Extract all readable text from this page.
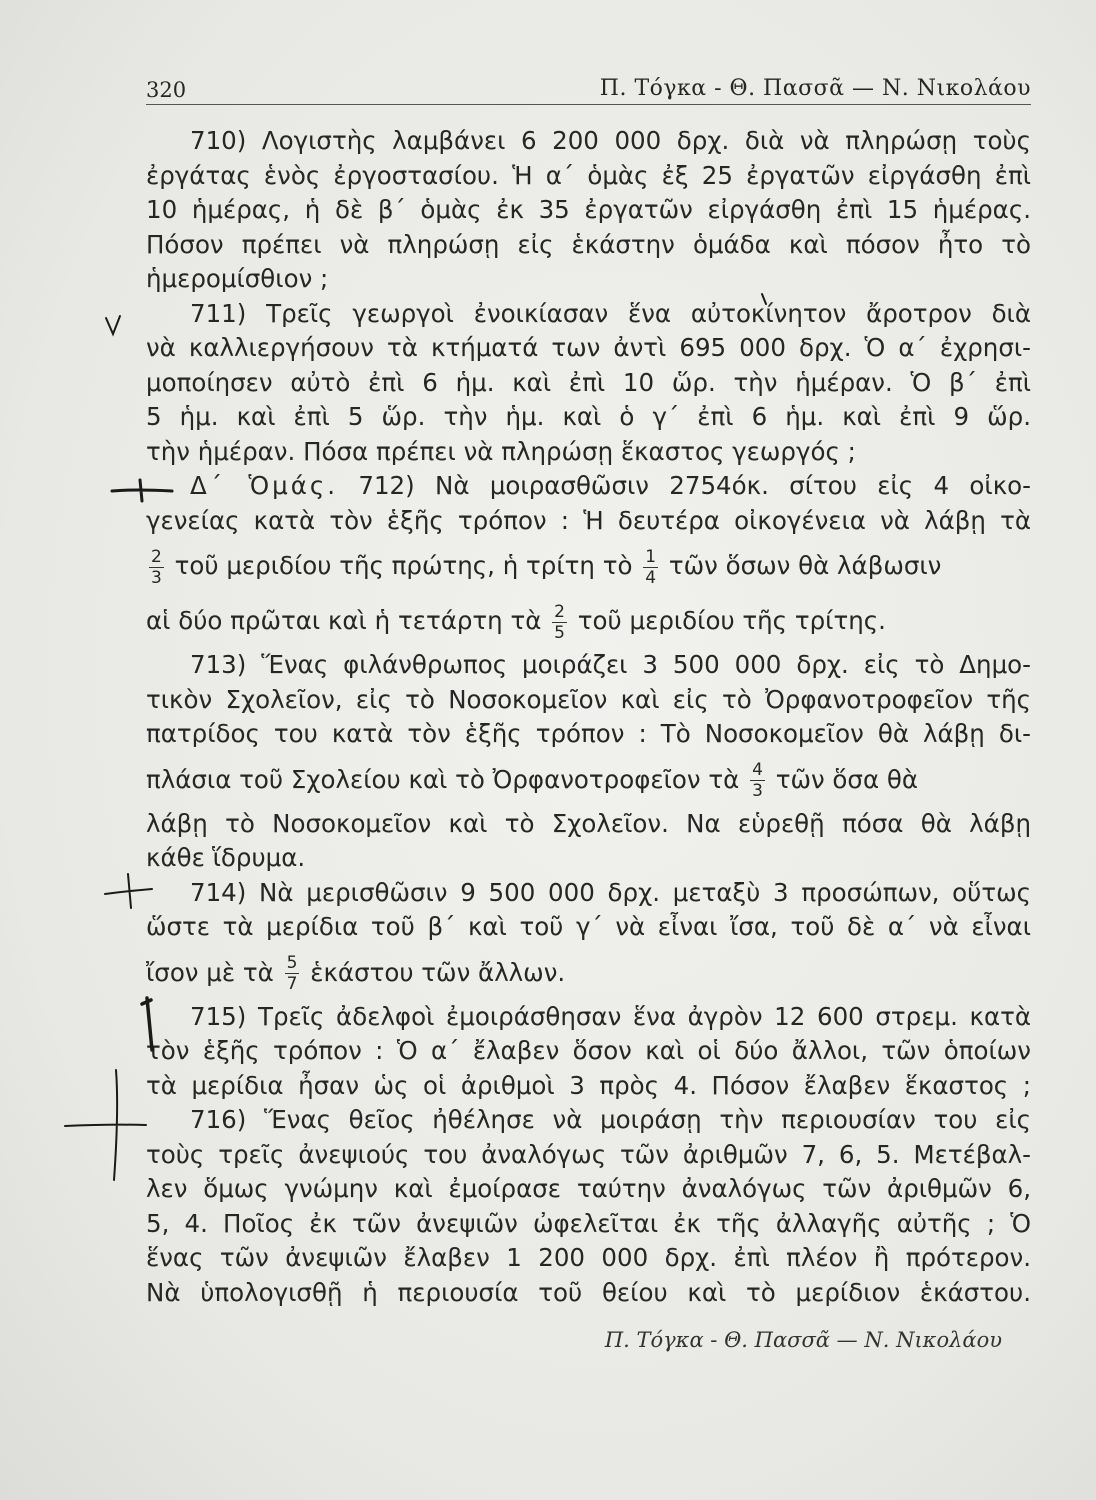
320	Π. Τόγκα - Θ. Πασσᾶ — Ν. Νικολάου
710) Λογιστὴς λαμβάνει 6 200 000 δρχ. διὰ νὰ πληρώσῃ τοὺς
ἐργάτας ἑνὸς ἐργοστασίου. Ἡ α΄ ὁμὰς ἐξ 25 ἐργατῶν εἰργάσθη ἐπὶ
10 ἡμέρας, ἡ δὲ β΄ ὁμὰς ἐκ 35 ἐργατῶν εἰργάσθη ἐπὶ 15 ἡμέρας.
Πόσον πρέπει νὰ πληρώσῃ εἰς ἑκάστην ὁμάδα καὶ πόσον ἦτο τὸ
ἡμερομίσθιον ;
711) Τρεῖς γεωργοὶ ἐνοικίασαν ἕνα αὐτοκίνητον ἄροτρον διὰ
νὰ καλλιεργήσουν τὰ κτήματά των ἀντὶ 695 000 δρχ. Ὁ α΄ ἐχρησι-
μοποίησεν αὐτὸ ἐπὶ 6 ἡμ. καὶ ἐπὶ 10 ὥρ. τὴν ἡμέραν. Ὁ β΄ ἐπὶ
5 ἡμ. καὶ ἐπὶ 5 ὥρ. τὴν ἡμ. καὶ ὁ γ΄ ἐπὶ 6 ἡμ. καὶ ἐπὶ 9 ὥρ.
τὴν ἡμέραν. Πόσα πρέπει νὰ πληρώσῃ ἕκαστος γεωργός ;
Δ΄ Ὁμάς. 712) Νὰ μοιρασθῶσιν 2754όκ. σίτου εἰς 4 οἰκο-
γενείας κατὰ τὸν ἑξῆς τρόπον : Ἡ δευτέρα οἰκογένεια νὰ λάβῃ τὰ
$\frac{2}{3}$ τοῦ μεριδίου τῆς πρώτης, ἡ τρίτη τὸ $\frac{1}{4}$ τῶν ὅσων θὰ λάβωσιν
αἱ δύο πρῶται καὶ ἡ τετάρτη τὰ $\frac{2}{5}$ τοῦ μεριδίου τῆς τρίτης.
713) Ἕνας φιλάνθρωπος μοιράζει 3 500 000 δρχ. εἰς τὸ Δημο-
τικὸν Σχολεῖον, εἰς τὸ Νοσοκομεῖον καὶ εἰς τὸ Ὀρφανοτροφεῖον τῆς
πατρίδος του κατὰ τὸν ἑξῆς τρόπον : Τὸ Νοσοκομεῖον θὰ λάβῃ δι-
πλάσια τοῦ Σχολείου καὶ τὸ Ὀρφανοτροφεῖον τὰ $\frac{4}{3}$ τῶν ὅσα θὰ
λάβῃ τὸ Νοσοκομεῖον καὶ τὸ Σχολεῖον. Να εὑρεθῇ πόσα θὰ λάβῃ
κάθε ἵδρυμα.
714) Νὰ μερισθῶσιν 9 500 000 δρχ. μεταξὺ 3 προσώπων, οὕτως
ὥστε τὰ μερίδια τοῦ β΄ καὶ τοῦ γ΄ νὰ εἶναι ἴσα, τοῦ δὲ α΄ νὰ εἶναι
ἴσον μὲ τὰ $\frac{5}{7}$ ἑκάστου τῶν ἄλλων.
715) Τρεῖς ἀδελφοὶ ἐμοιράσθησαν ἕνα ἀγρὸν 12 600 στρεμ. κατὰ
τὸν ἑξῆς τρόπον : Ὁ α΄ ἔλαβεν ὅσον καὶ οἱ δύο ἄλλοι, τῶν ὁποίων
τὰ μερίδια ἦσαν ὡς οἱ ἀριθμοὶ 3 πρὸς 4. Πόσον ἔλαβεν ἕκαστος ;
716) Ἕνας θεῖος ἠθέλησε νὰ μοιράσῃ τὴν περιουσίαν του εἰς
τοὺς τρεῖς ἀνεψιούς του ἀναλόγως τῶν ἀριθμῶν 7, 6, 5. Μετέβαλ-
λεν ὅμως γνώμην καὶ ἐμοίρασε ταύτην ἀναλόγως τῶν ἀριθμῶν 6,
5, 4. Ποῖος ἐκ τῶν ἀνεψιῶν ὠφελεῖται ἐκ τῆς ἀλλαγῆς αὐτῆς ; Ὁ
ἕνας τῶν ἀνεψιῶν ἔλαβεν 1 200 000 δρχ. ἐπὶ πλέον ἢ πρότερον.
Νὰ ὑπολογισθῇ ἡ περιουσία τοῦ θείου καὶ τὸ μερίδιον ἑκάστου.
Π. Τόγκα - Θ. Πασσᾶ — Ν. Νικολάου
